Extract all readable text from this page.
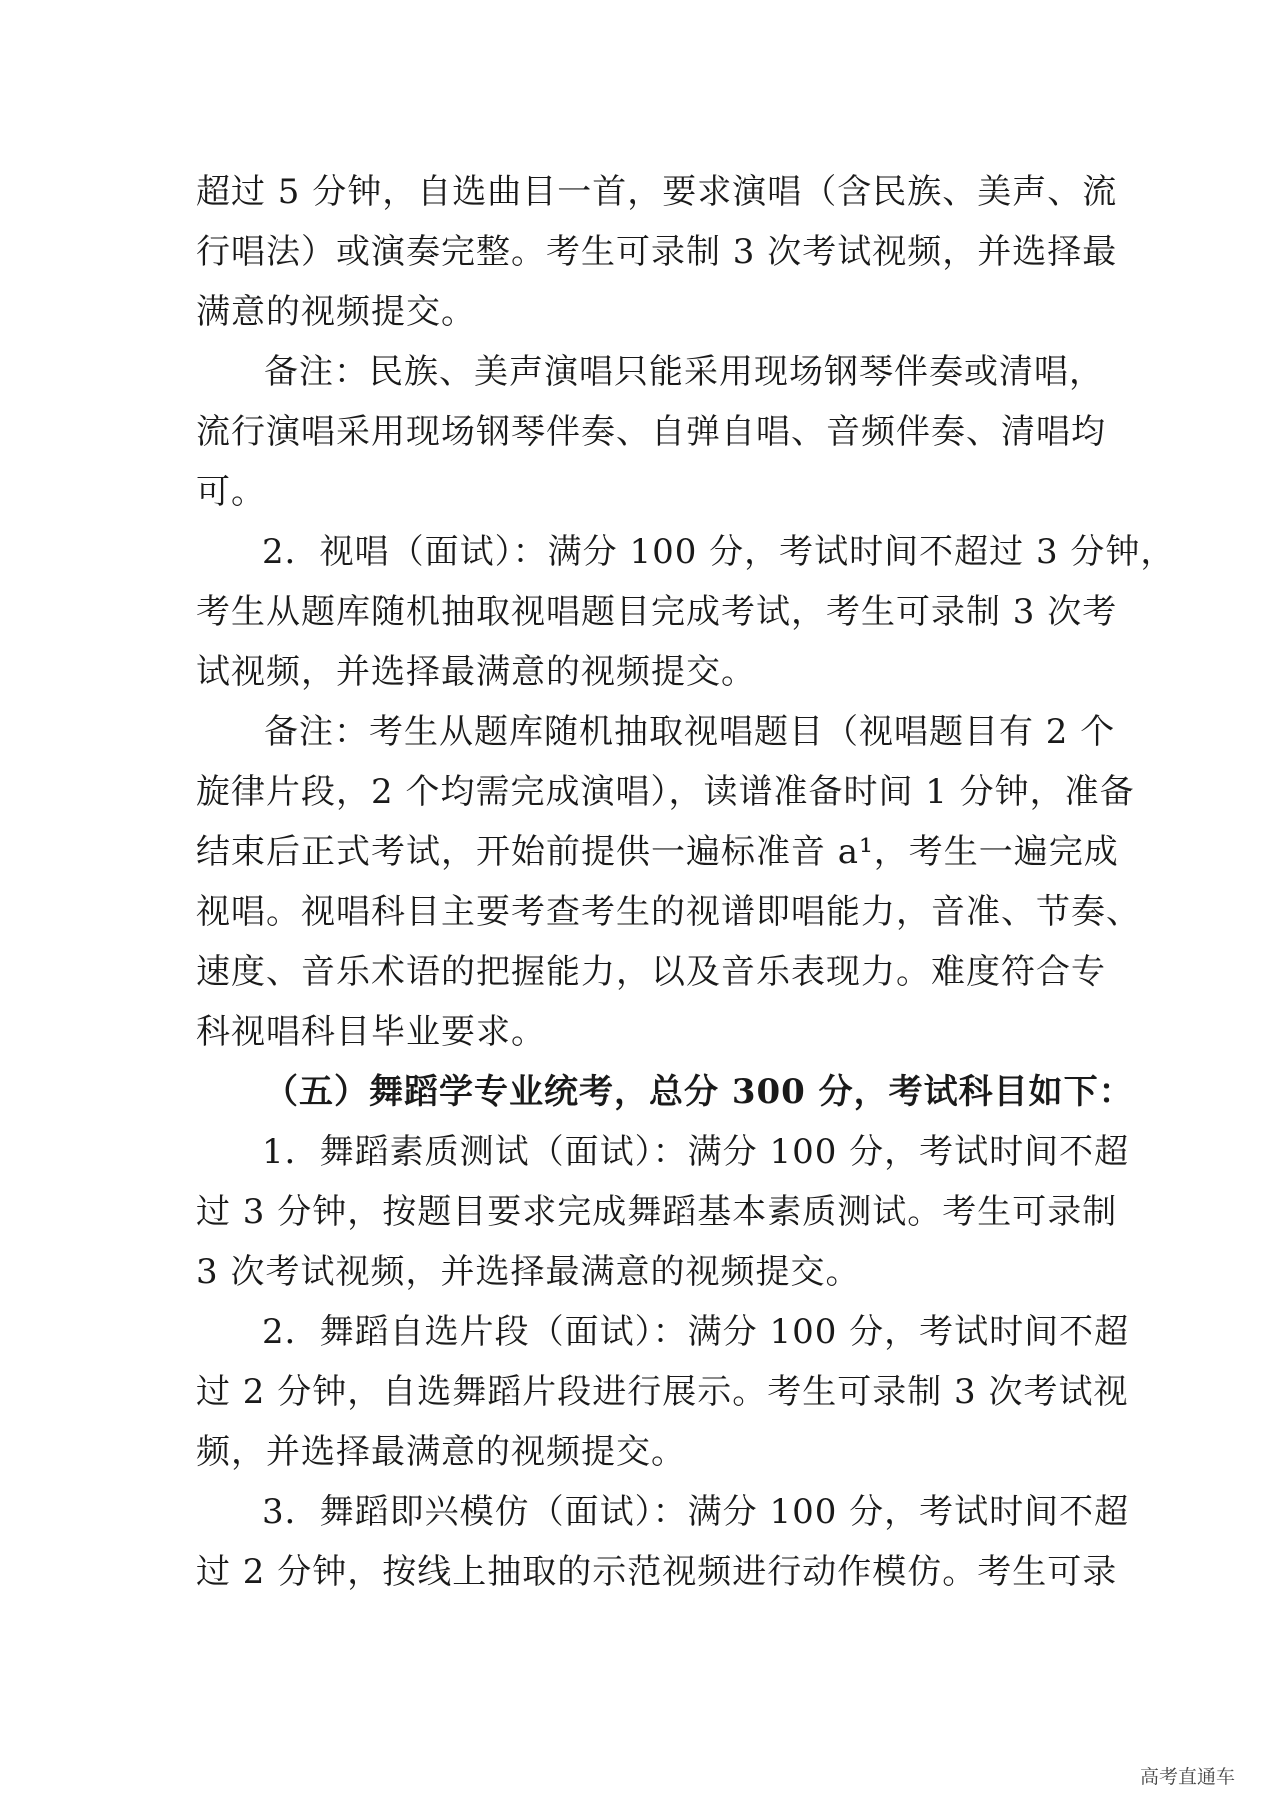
超过 5 分钟，自选曲目一首，要求演唱（含民族、美声、流
行唱法）或演奏完整。考生可录制 3 次考试视频，并选择最
满意的视频提交。
备注：民族、美声演唱只能采用现场钢琴伴奏或清唱，
流行演唱采用现场钢琴伴奏、自弹自唱、音频伴奏、清唱均
可。
2．视唱（面试）：满分 100 分，考试时间不超过 3 分钟，
考生从题库随机抽取视唱题目完成考试，考生可录制 3 次考
试视频，并选择最满意的视频提交。
备注：考生从题库随机抽取视唱题目（视唱题目有 2 个
旋律片段，2 个均需完成演唱），读谱准备时间 1 分钟，准备
结束后正式考试，开始前提供一遍标准音 a¹，考生一遍完成
视唱。视唱科目主要考查考生的视谱即唱能力，音准、节奏、
速度、音乐术语的把握能力，以及音乐表现力。难度符合专
科视唱科目毕业要求。
（五）舞蹈学专业统考，总分 300 分，考试科目如下：
1．舞蹈素质测试（面试）：满分 100 分，考试时间不超
过 3 分钟，按题目要求完成舞蹈基本素质测试。考生可录制
3 次考试视频，并选择最满意的视频提交。
2．舞蹈自选片段（面试）：满分 100 分，考试时间不超
过 2 分钟，自选舞蹈片段进行展示。考生可录制 3 次考试视
频，并选择最满意的视频提交。
3．舞蹈即兴模仿（面试）：满分 100 分，考试时间不超
过 2 分钟，按线上抽取的示范视频进行动作模仿。考生可录
高考直通车
